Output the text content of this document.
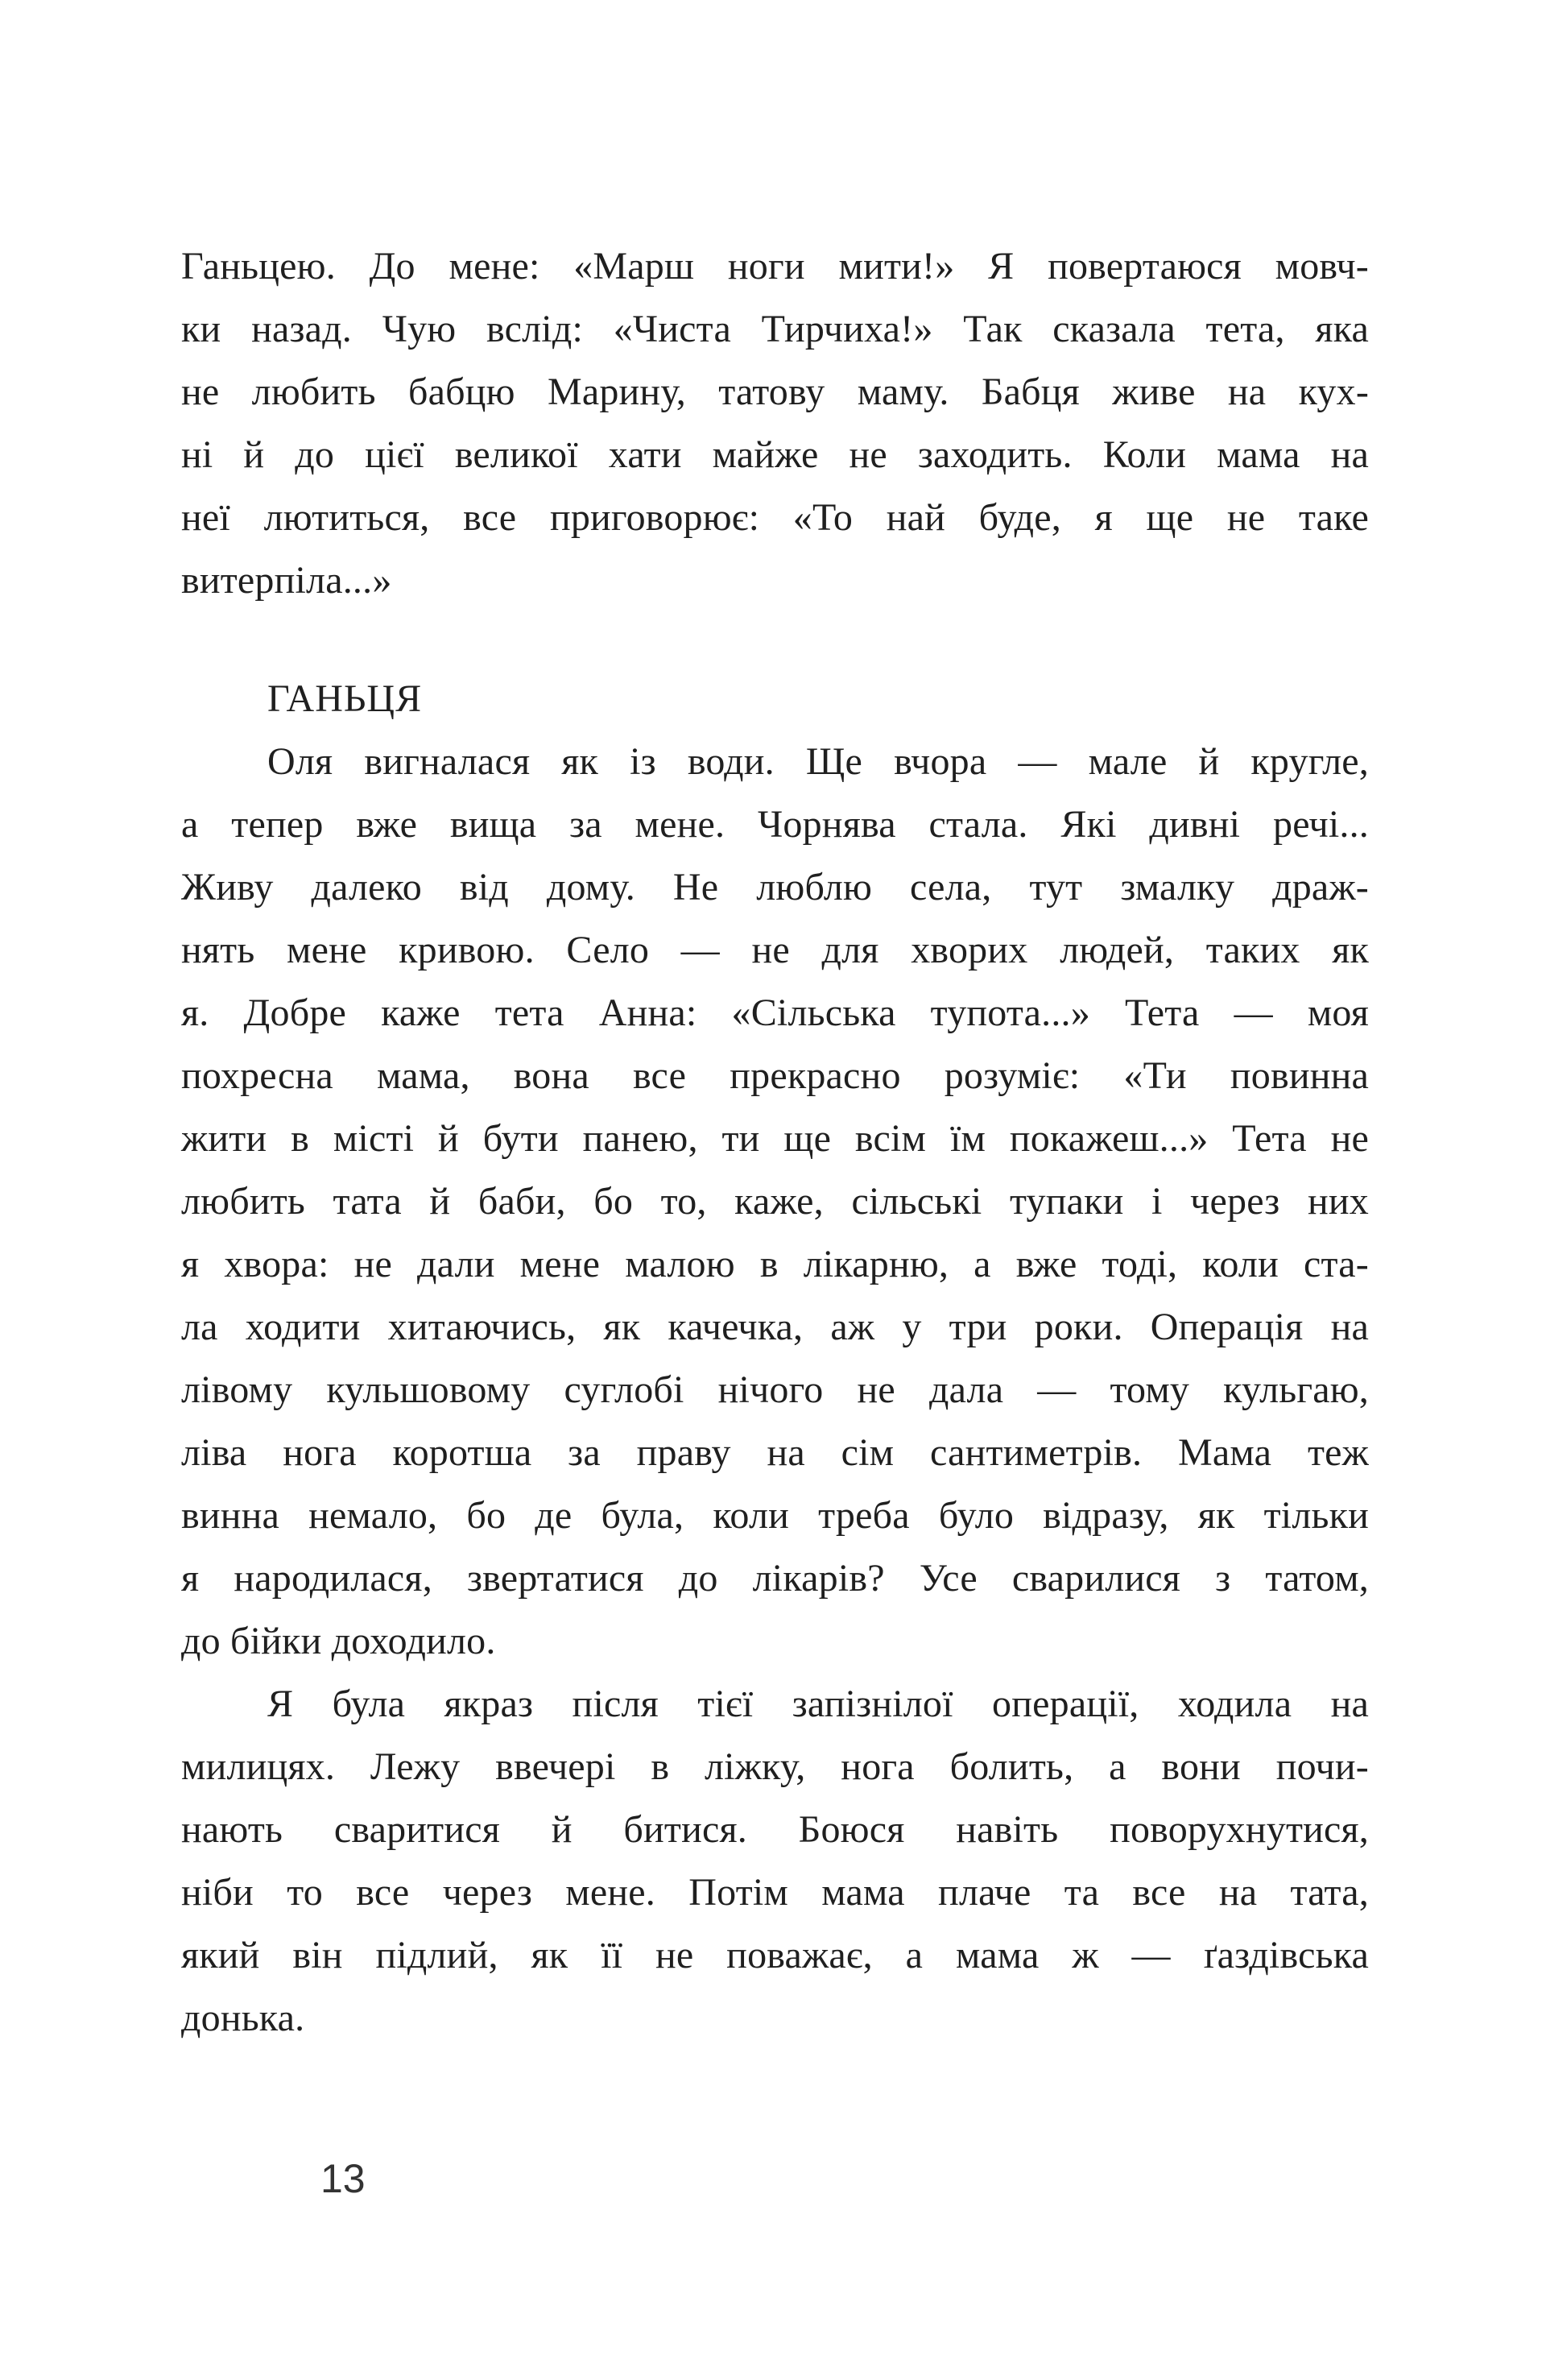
Ганьцею. До мене: «Марш ноги мити!» Я повертаюся мовч-
ки назад. Чую вслід: «Чиста Тирчиха!» Так сказала тета, яка
не любить бабцю Марину, татову маму. Бабця живе на кух-
ні й до цієї великої хати майже не заходить. Коли мама на
неї лютиться, все приговорює: «То най буде, я ще не таке
витерпіла...»
ГАНЬЦЯ
Оля вигналася як із води. Ще вчора — мале й кругле,
а тепер вже вища за мене. Чорнява стала. Які дивні речі...
Живу далеко від дому. Не люблю села, тут змалку драж-
нять мене кривою. Село — не для хворих людей, таких як
я. Добре каже тета Анна: «Сільська тупота...» Тета — моя
похресна мама, вона все прекрасно розуміє: «Ти повинна
жити в місті й бути панею, ти ще всім їм покажеш...» Тета не
любить тата й баби, бо то, каже, сільські тупаки і через них
я хвора: не дали мене малою в лікарню, а вже тоді, коли ста-
ла ходити хитаючись, як качечка, аж у три роки. Операція на
лівому кульшовому суглобі нічого не дала — тому кульгаю,
ліва нога коротша за праву на сім сантиметрів. Мама теж
винна немало, бо де була, коли треба було відразу, як тільки
я народилася, звертатися до лікарів? Усе сварилися з татом,
до бійки доходило.
Я була якраз після тієї запізнілої операції, ходила на
милицях. Лежу ввечері в ліжку, нога болить, а вони почи-
нають сваритися й битися. Боюся навіть поворухнутися,
ніби то все через мене. Потім мама плаче та все на тата,
який він підлий, як її не поважає, а мама ж — ґаздівська
донька.
13
